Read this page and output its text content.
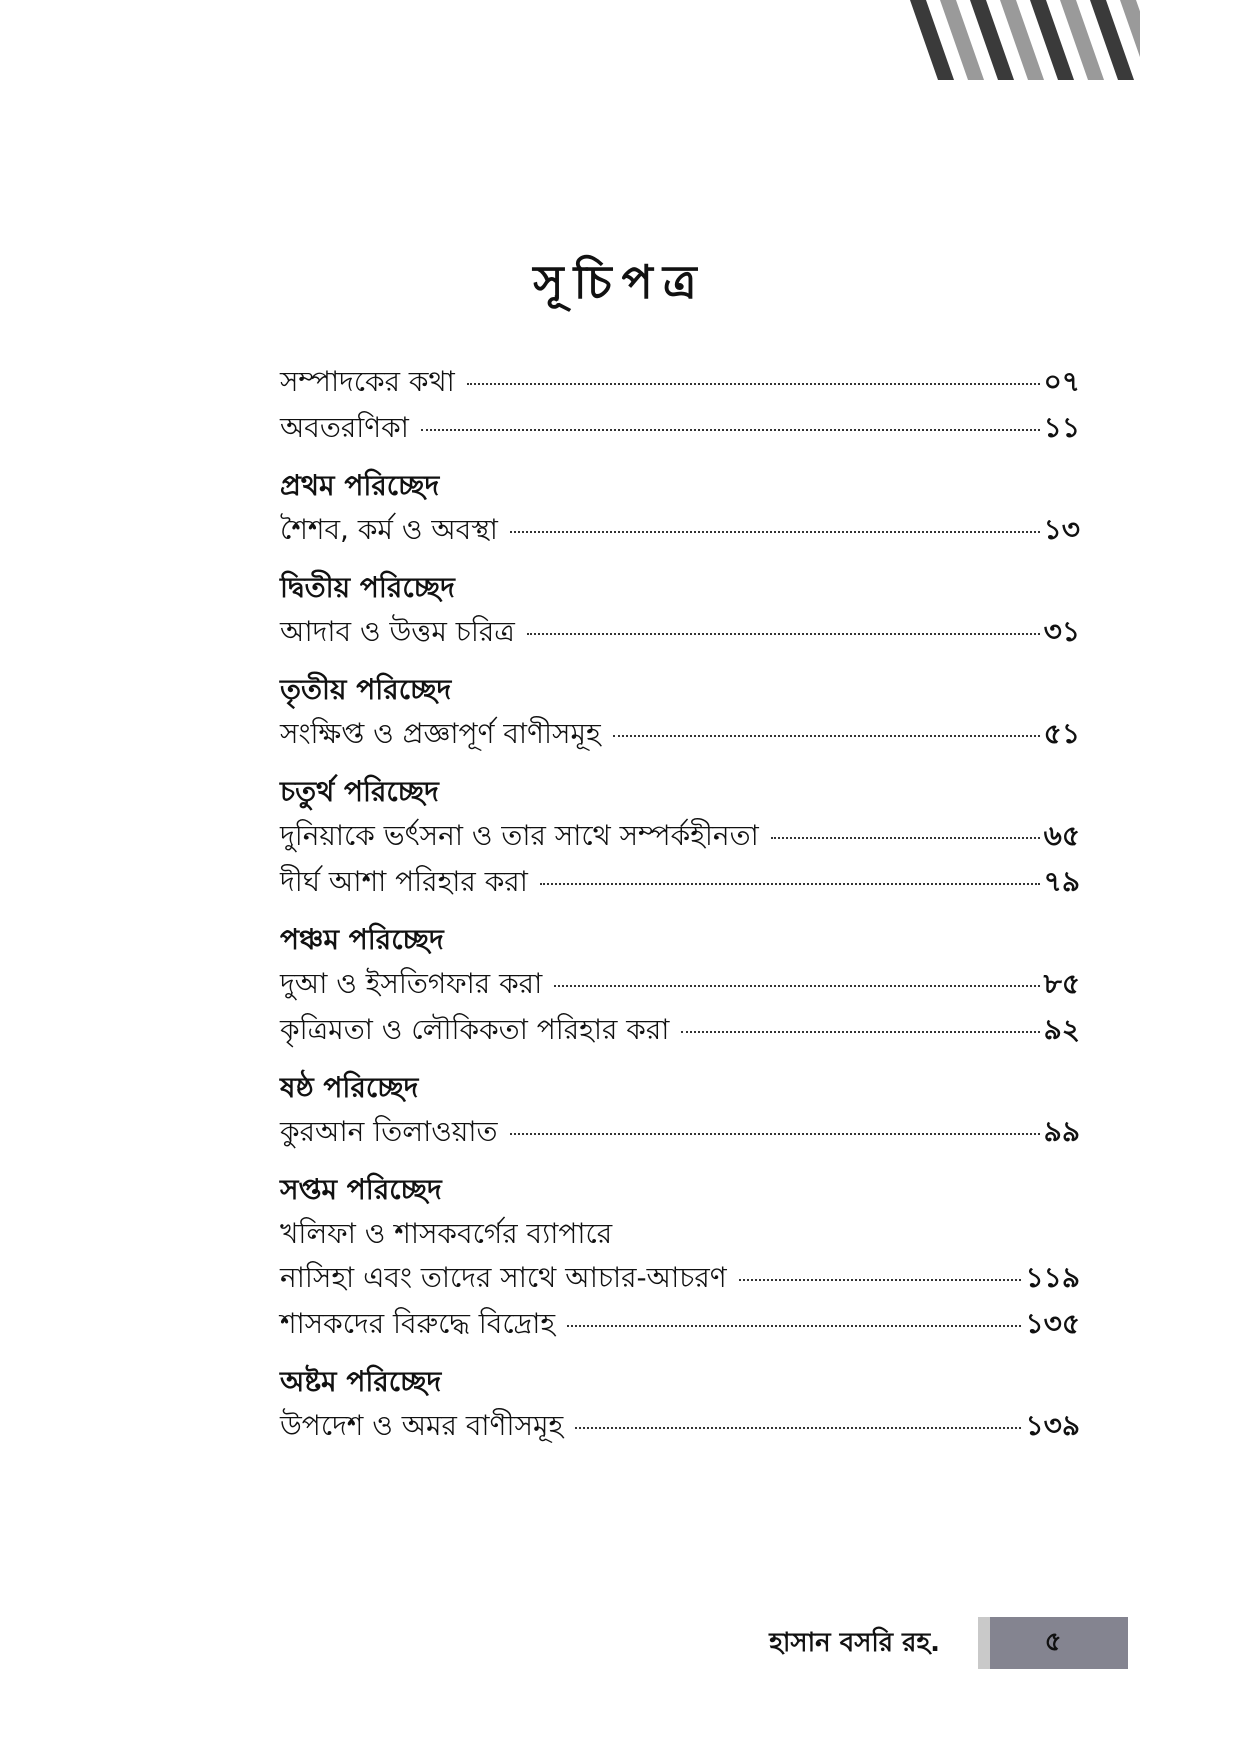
সূচিপত্র
সম্পাদকের কথা	০৭
অবতরণিকা	১১
প্রথম পরিচ্ছেদ
শৈশব, কর্ম ও অবস্থা	১৩
দ্বিতীয় পরিচ্ছেদ
আদাব ও উত্তম চরিত্র	৩১
তৃতীয় পরিচ্ছেদ
সংক্ষিপ্ত ও প্রজ্ঞাপূর্ণ বাণীসমূহ	৫১
চতুর্থ পরিচ্ছেদ
দুনিয়াকে ভর্ৎসনা ও তার সাথে সম্পর্কহীনতা	৬৫
দীর্ঘ আশা পরিহার করা	৭৯
পঞ্চম পরিচ্ছেদ
দুআ ও ইসতিগফার করা	৮৫
কৃত্রিমতা ও লৌকিকতা পরিহার করা	৯২
ষষ্ঠ পরিচ্ছেদ
কুরআন তিলাওয়াত	৯৯
সপ্তম পরিচ্ছেদ
খলিফা ও শাসকবর্গের ব্যাপারে
নাসিহা এবং তাদের সাথে আচার-আচরণ	১১৯
শাসকদের বিরুদ্ধে বিদ্রোহ	১৩৫
অষ্টম পরিচ্ছেদ
উপদেশ ও অমর বাণীসমূহ	১৩৯
হাসান বসরি রহ.	৫
